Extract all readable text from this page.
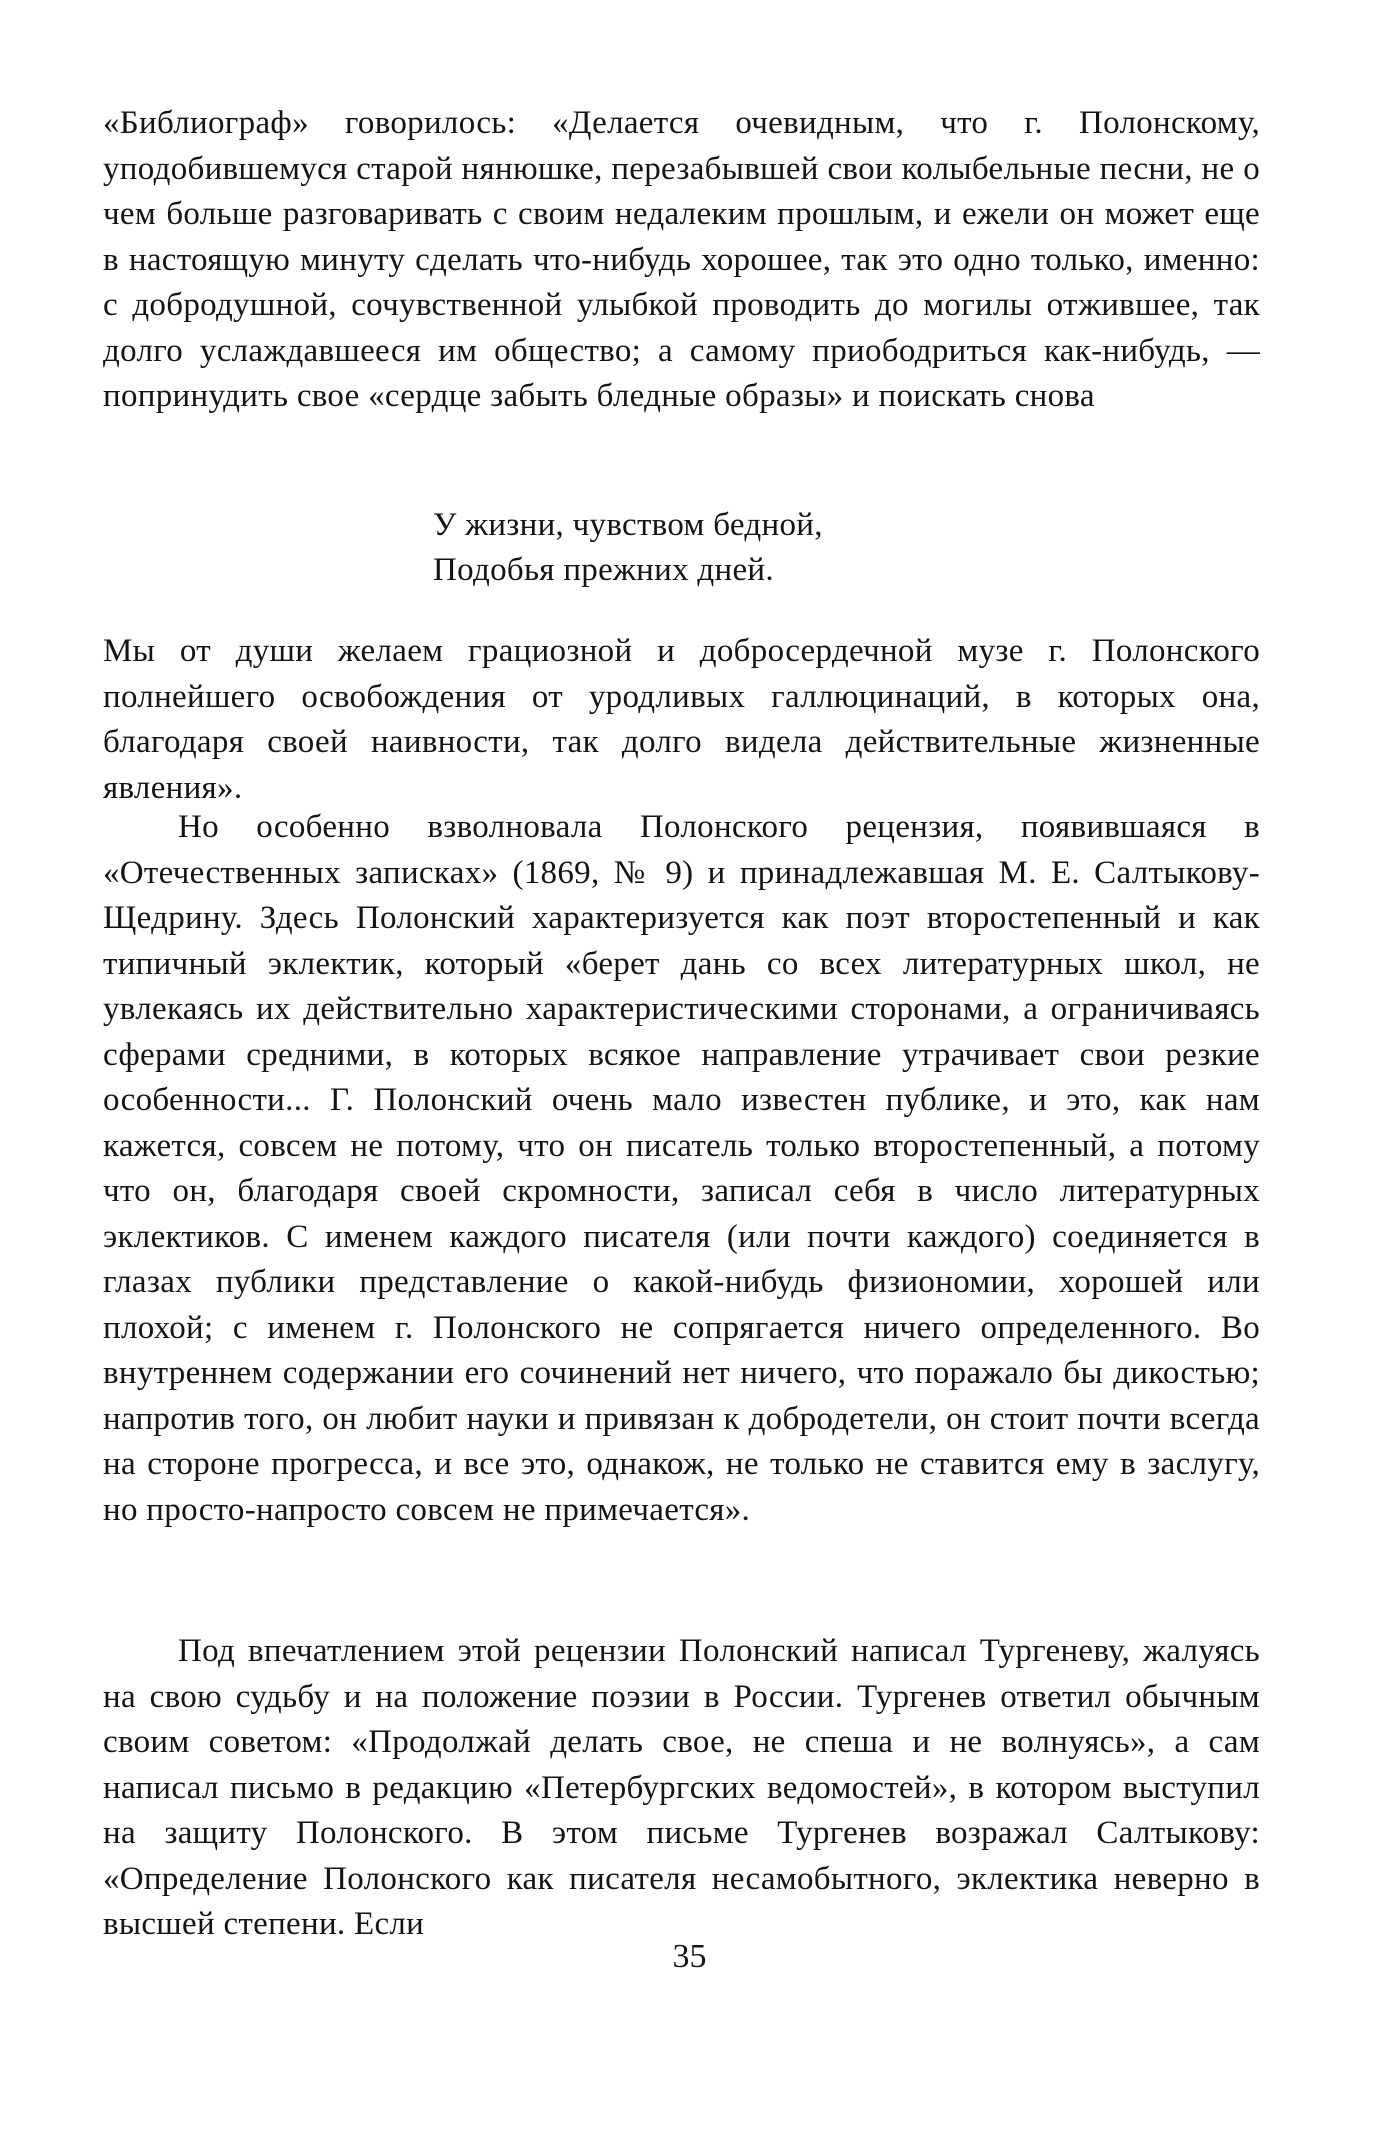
«Библиограф» говорилось: «Делается очевидным, что г. Полонскому, уподобившемуся старой нянюшке, перезабывшей свои колыбельные песни, не о чем больше разговаривать с своим недалеким прошлым, и ежели он может еще в настоящую минуту сделать что-нибудь хорошее, так это одно только, именно: с добродушной, сочувственной улыбкой проводить до могилы отжившее, так долго услаждавшееся им общество; а самому приободриться как-нибудь, — попринудить свое «сердце забыть бледные образы» и поискать снова

У жизни, чувством бедной,
Подобья прежних дней.

Мы от души желаем грациозной и добросердечной музе г. Полонского полнейшего освобождения от уродливых галлюцинаций, в которых она, благодаря своей наивности, так долго видела действительные жизненные явления».

Но особенно взволновала Полонского рецензия, появившаяся в «Отечественных записках» (1869, № 9) и принадлежавшая М. Е. Салтыкову-Щедрину. Здесь Полонский характеризуется как поэт второстепенный и как типичный эклектик, который «берет дань со всех литературных школ, не увлекаясь их действительно характеристическими сторонами, а ограничиваясь сферами средними, в которых всякое направление утрачивает свои резкие особенности... Г. Полонский очень мало известен публике, и это, как нам кажется, совсем не потому, что он писатель только второстепенный, а потому что он, благодаря своей скромности, записал себя в число литературных эклектиков. С именем каждого писателя (или почти каждого) соединяется в глазах публики представление о какой-нибудь физиономии, хорошей или плохой; с именем г. Полонского не сопрягается ничего определенного. Во внутреннем содержании его сочинений нет ничего, что поражало бы дикостью; напротив того, он любит науки и привязан к добродетели, он стоит почти всегда на стороне прогресса, и все это, однакож, не только не ставится ему в заслугу, но просто-напросто совсем не примечается».

Под впечатлением этой рецензии Полонский написал Тургеневу, жалуясь на свою судьбу и на положение поэзии в России. Тургенев ответил обычным своим советом: «Продолжай делать свое, не спеша и не волнуясь», а сам написал письмо в редакцию «Петербургских ведомостей», в котором выступил на защиту Полонского. В этом письме Тургенев возражал Салтыкову: «Определение Полонского как писателя несамобытного, эклектика неверно в высшей степени. Если

35
